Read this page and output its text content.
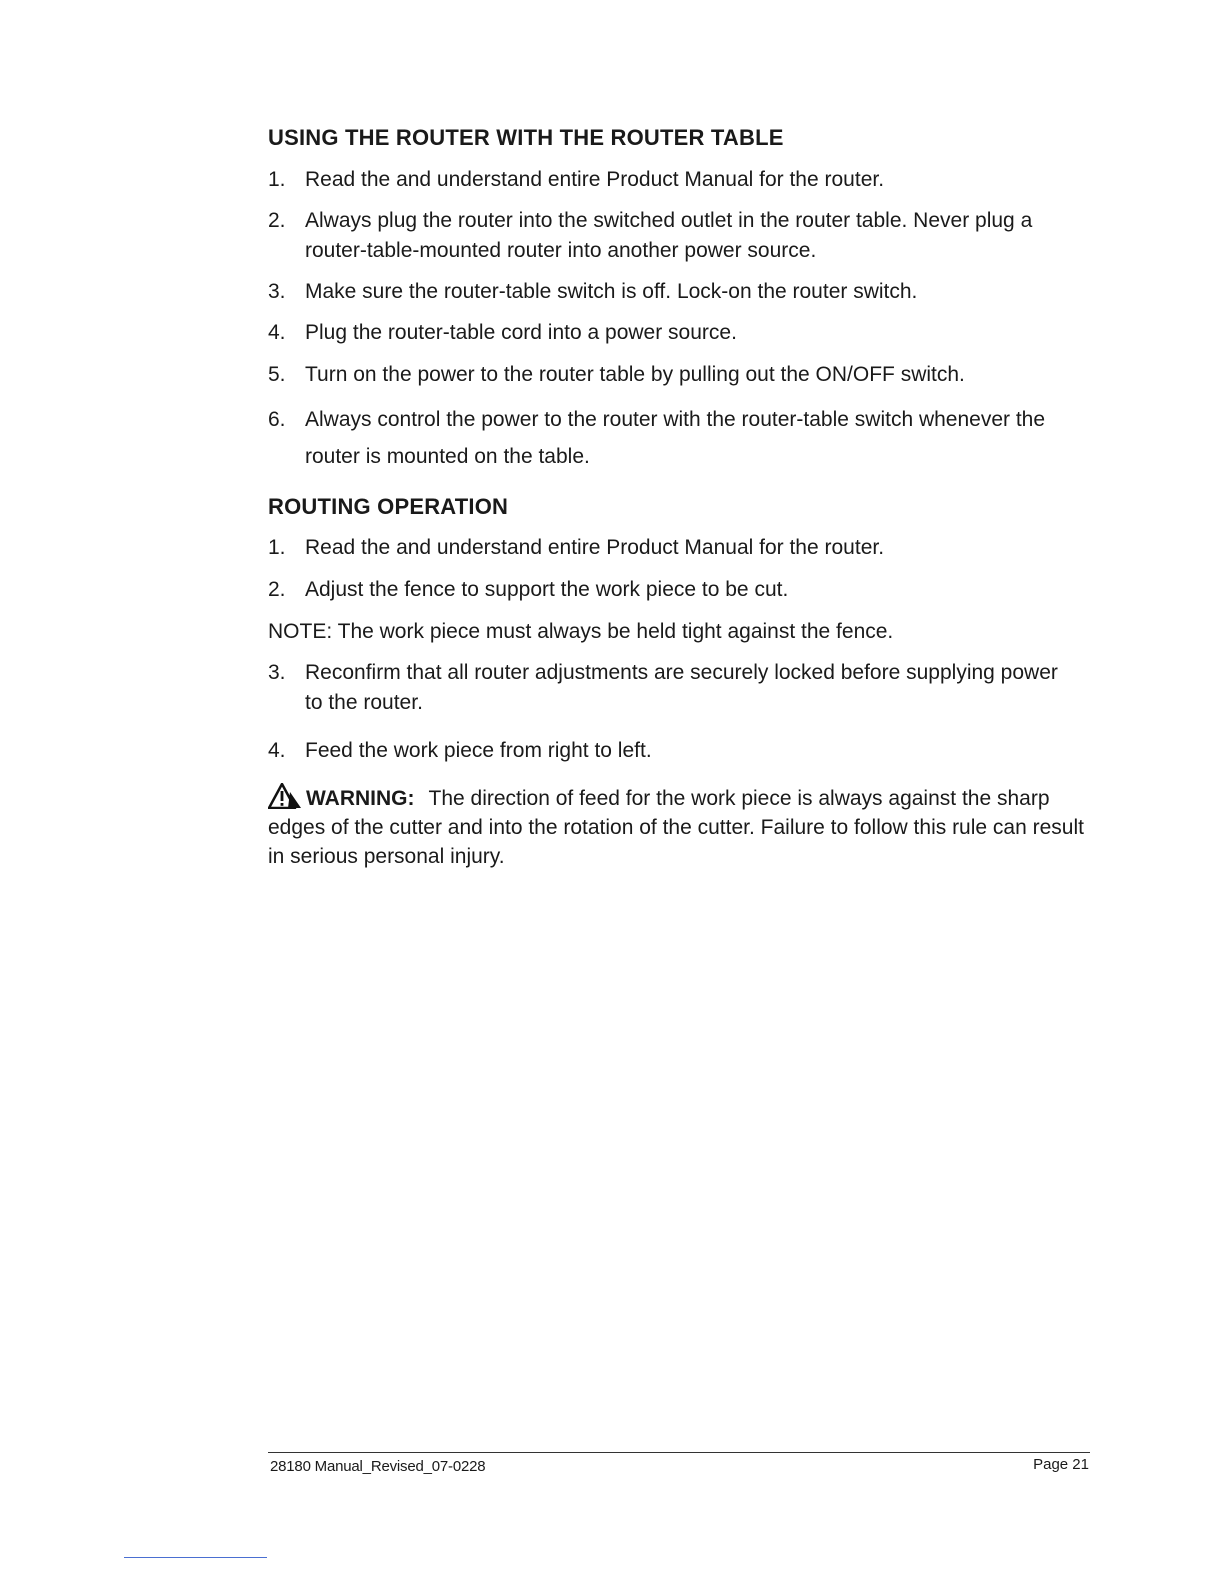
USING THE ROUTER WITH THE ROUTER TABLE
1. Read the and understand entire Product Manual for the router.
2. Always plug the router into the switched outlet in the router table. Never plug a router-table-mounted router into another power source.
3. Make sure the router-table switch is off. Lock-on the router switch.
4. Plug the router-table cord into a power source.
5. Turn on the power to the router table by pulling out the ON/OFF switch.
6. Always control the power to the router with the router-table switch whenever the router is mounted on the table.
ROUTING OPERATION
1. Read the and understand entire Product Manual for the router.
2. Adjust the fence to support the work piece to be cut.
NOTE: The work piece must always be held tight against the fence.
3. Reconfirm that all router adjustments are securely locked before supplying power to the router.
4. Feed the work piece from right to left.
WARNING: The direction of feed for the work piece is always against the sharp edges of the cutter and into the rotation of the cutter. Failure to follow this rule can result in serious personal injury.
28180 Manual_Revised_07-0228	Page 21
